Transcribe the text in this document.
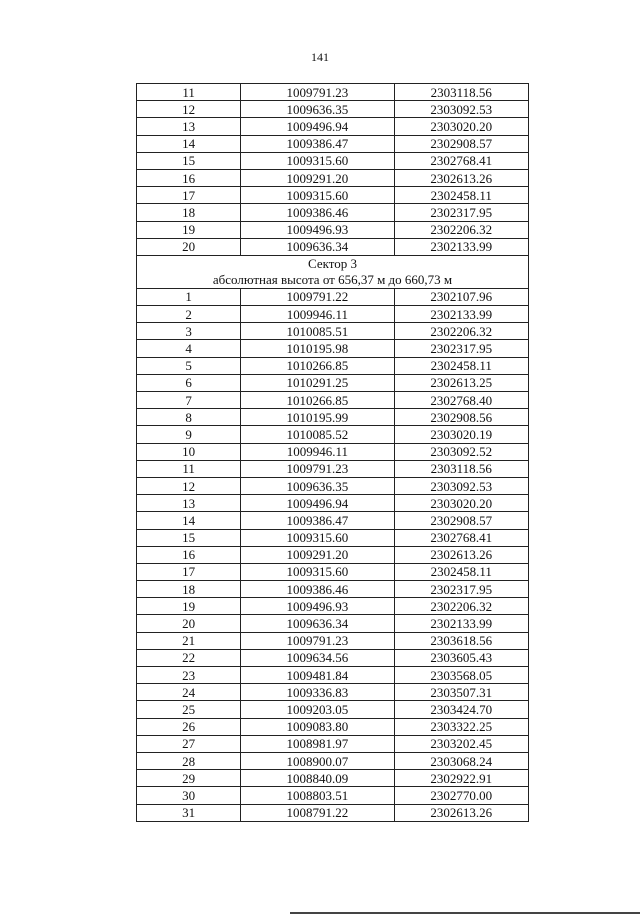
141
11	1009791.23	2303118.56
12	1009636.35	2303092.53
13	1009496.94	2303020.20
14	1009386.47	2302908.57
15	1009315.60	2302768.41
16	1009291.20	2302613.26
17	1009315.60	2302458.11
18	1009386.46	2302317.95
19	1009496.93	2302206.32
20	1009636.34	2302133.99

Сектор 3
абсолютная высота от 656,37 м до 660,73 м		

1	1009791.22	2302107.96
2	1009946.11	2302133.99
3	1010085.51	2302206.32
4	1010195.98	2302317.95
5	1010266.85	2302458.11
6	1010291.25	2302613.25
7	1010266.85	2302768.40
8	1010195.99	2302908.56
9	1010085.52	2303020.19
10	1009946.11	2303092.52
11	1009791.23	2303118.56
12	1009636.35	2303092.53
13	1009496.94	2303020.20
14	1009386.47	2302908.57
15	1009315.60	2302768.41
16	1009291.20	2302613.26
17	1009315.60	2302458.11
18	1009386.46	2302317.95
19	1009496.93	2302206.32
20	1009636.34	2302133.99
21	1009791.23	2303618.56
22	1009634.56	2303605.43
23	1009481.84	2303568.05
24	1009336.83	2303507.31
25	1009203.05	2303424.70
26	1009083.80	2303322.25
27	1008981.97	2303202.45
28	1008900.07	2303068.24
29	1008840.09	2302922.91
30	1008803.51	2302770.00
31	1008791.22	2302613.26
